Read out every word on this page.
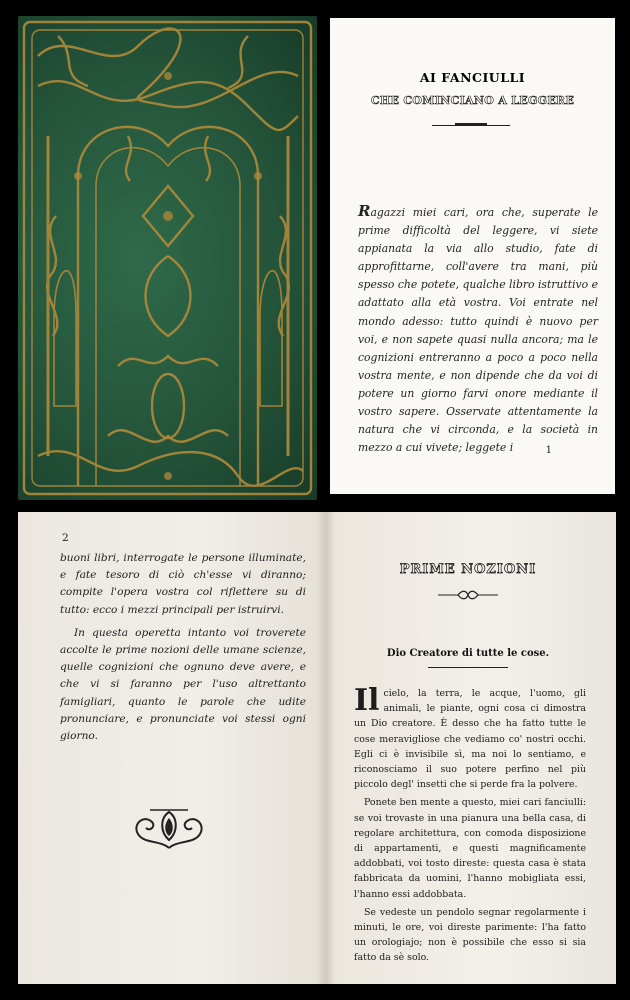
AI FANCIULLI
CHE COMINCIANO A LEGGERE
Ragazzi miei cari, ora che, superate le prime difficoltà del leggere, vi siete appianata la via allo studio, fate di approfittarne, coll'avere tra mani, più spesso che potete, qualche libro istruttivo e adattato alla età vostra. Voi entrate nel mondo adesso: tutto quindi è nuovo per voi, e non sapete quasi nulla ancora; ma le cognizioni entreranno a poco a poco nella vostra mente, e non dipende che da voi di potere un giorno farvi onore mediante il vostro sapere. Osservate attentamente la natura che vi circonda, e la società in mezzo a cui vivete; leggete i	1
2

buoni libri, interrogate le persone illuminate, e fate tesoro di ciò ch'esse vi diranno; compite l'opera vostra col riflettere su di tutto: ecco i mezzi principali per istruirvi.

In questa operetta intanto voi troverete accolte le prime nozioni delle umane scienze, quelle cognizioni che ognuno deve avere, e che vi si faranno per l'uso altrettanto famigliari, quanto le parole che udite pronunciare, e pronunciate voi stessi ogni giorno.

PRIME NOZIONI
Dio Creatore di tutte le cose.

Il cielo, la terra, le acque, l'uomo, gli animali, le piante, ogni cosa ci dimostra un Dio creatore. È desso che ha fatto tutte le cose meravigliose che vediamo co' nostri occhi. Egli ci è invisibile sì, ma noi lo sentiamo, e riconosciamo il suo potere perfino nel più piccolo degl' insetti che si perde fra la polvere.

Ponete ben mente a questo, miei cari fanciulli: se voi trovaste in una pianura una bella casa, di regolare architettura, con comoda disposizione di appartamenti, e questi magnificamente addobbati, voi tosto direste: questa casa è stata fabbricata da uomini, l'hanno mobigliata essi, l'hanno essi addobbata.

Se vedeste un pendolo segnar regolarmente i minuti, le ore, voi direste parimente: l'ha fatto un orologiajo; non è possibile che esso si sia fatto da sè solo.
